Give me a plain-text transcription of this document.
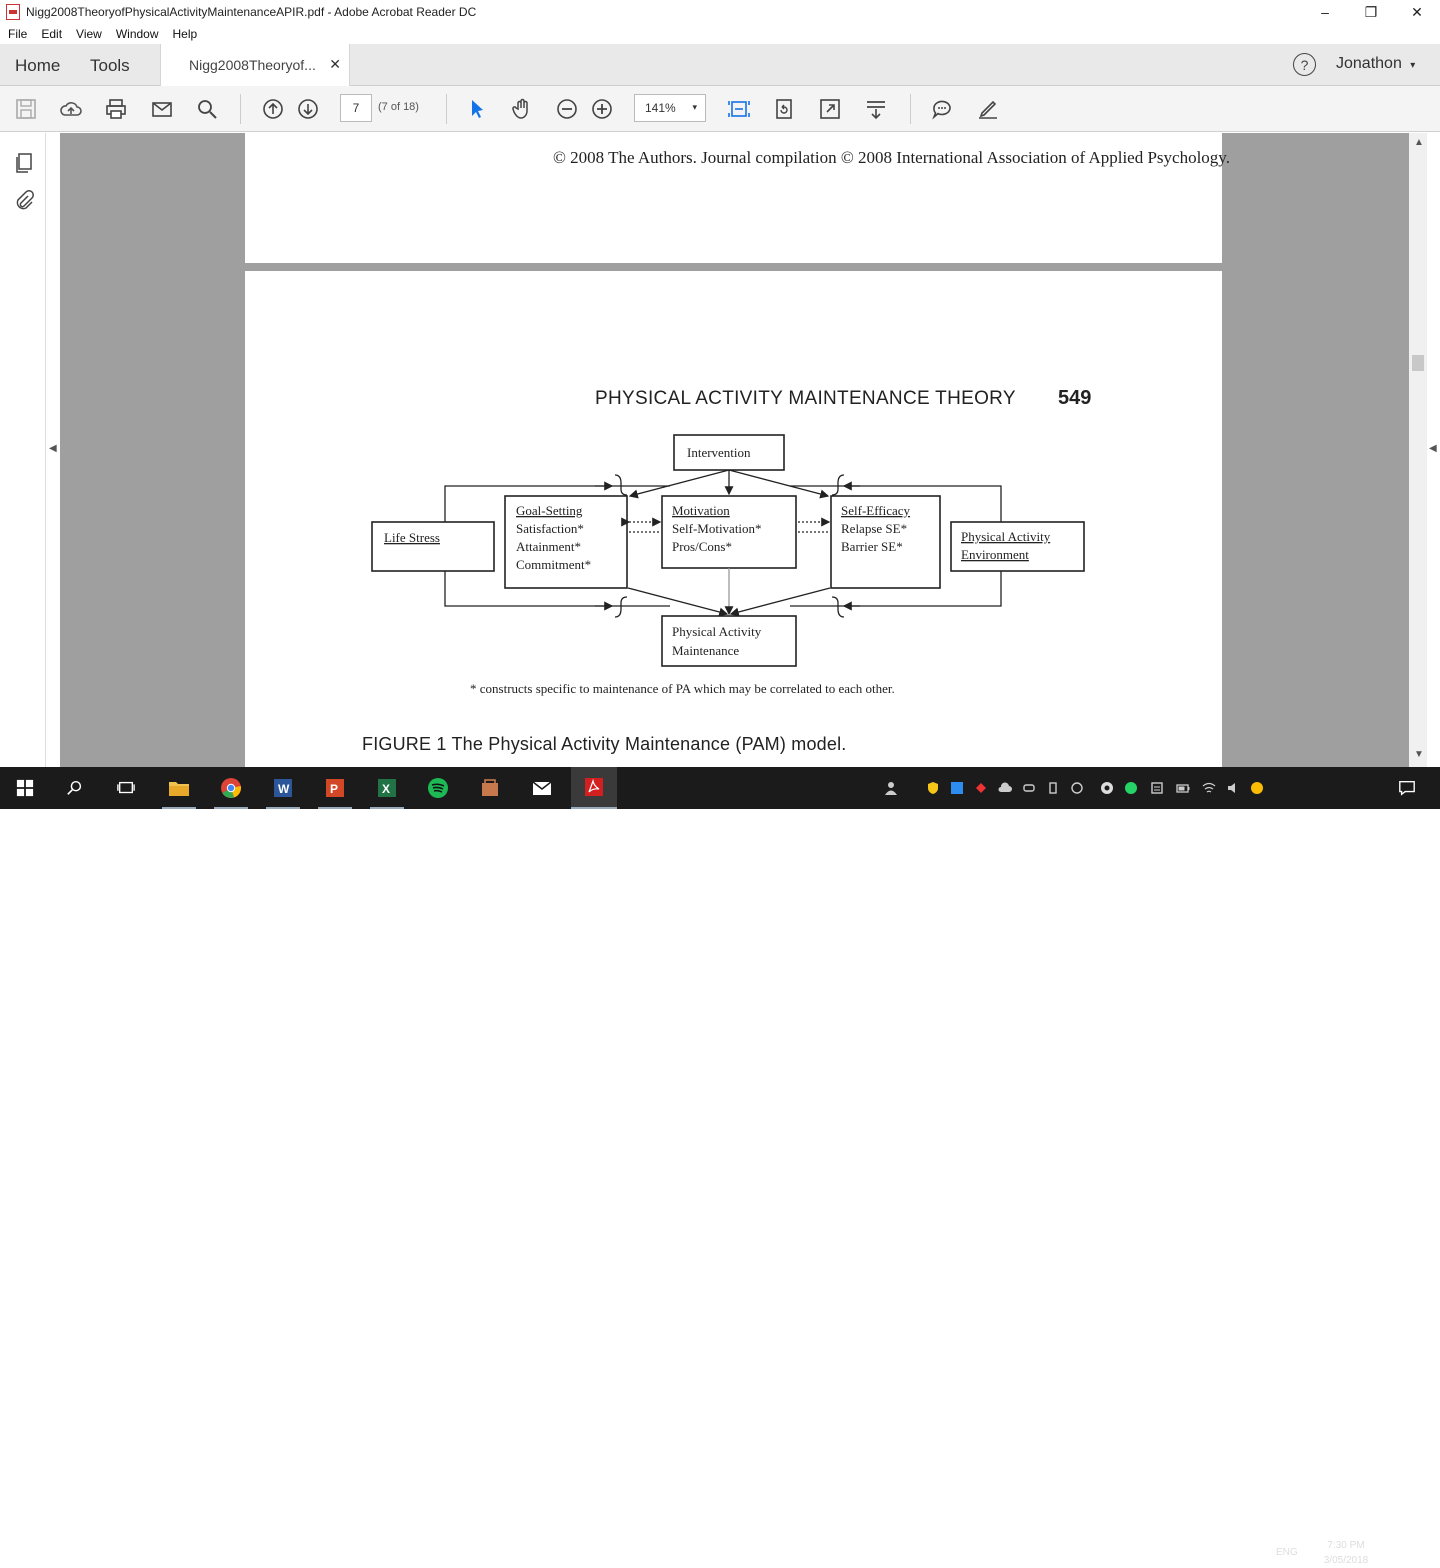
Nigg2008TheoryofPhysicalActivityMaintenanceAPIR.pdf - Adobe Acrobat Reader DC	–	❐	✕
File Edit View Window Help
Home Tools	Nigg2008Theoryof... ✕	?	Jonathon ▾
7	(7 of 18)	141% ▾
◀
© 2008 The Authors. Journal compilation © 2008 International Association of Applied Psychology.
PHYSICAL ACTIVITY MAINTENANCE THEORY 549
Intervention
Life Stress
Goal-Setting
Satisfaction*
Attainment*
Commitment*
Motivation
Self-Motivation*
Pros/Cons*
Self-Efficacy
Relapse SE*
Barrier SE*
Physical Activity
Environment
Physical Activity
Maintenance
* constructs specific to maintenance of PA which may be correlated to each other.
FIGURE 1 The Physical Activity Maintenance (PAM) model.
▲
▼
◀
W	P	X
ENG
7:30 PM
3/05/2018
